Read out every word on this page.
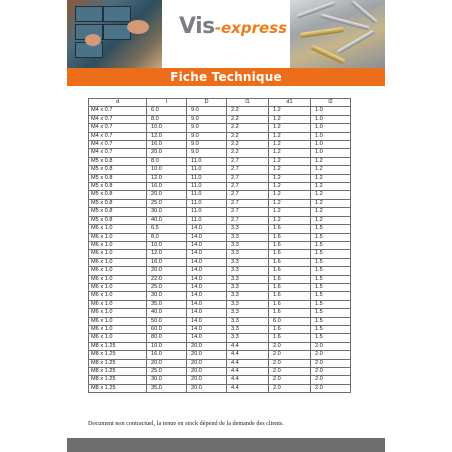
Vis-express
Fiche Technique
d	l	D	l1	d1	l2
M4 x 0.7	6.0	9.0	2.2	1.2	1.0
M4 x 0.7	8.0	9.0	2.2	1.2	1.0
M4 x 0.7	10.0	9.0	2.2	1.2	1.0
M4 x 0.7	12.0	9.0	2.2	1.2	1.0
M4 x 0.7	16.0	9.0	2.2	1.2	1.0
M4 x 0.7	20.0	9.0	2.2	1.2	1.0
M5 x 0.8	8.0	11.0	2.7	1.2	1.2
M5 x 0.8	10.0	11.0	2.7	1.2	1.2
M5 x 0.8	12.0	11.0	2.7	1.2	1.2
M5 x 0.8	16.0	11.0	2.7	1.2	1.2
M5 x 0.8	20.0	11.0	2.7	1.2	1.2
M5 x 0.8	25.0	11.0	2.7	1.2	1.2
M5 x 0.8	30.0	11.0	2.7	1.2	1.2
M5 x 0.8	40.0	11.0	2.7	1.2	1.2
M6 x 1.0	6.5	14.0	3.3	1.6	1.5
M6 x 1.0	8.0	14.0	3.3	1.6	1.5
M6 x 1.0	10.0	14.0	3.3	1.6	1.5
M6 x 1.0	12.0	14.0	3.3	1.6	1.5
M6 x 1.0	16.0	14.0	3.3	1.6	1.5
M6 x 1.0	20.0	14.0	3.3	1.6	1.5
M6 x 1.0	22.0	14.0	3.3	1.6	1.5
M6 x 1.0	25.0	14.0	3.3	1.6	1.5
M6 x 1.0	30.0	14.0	3.3	1.6	1.5
M6 x 1.0	35.0	14.0	3.3	1.6	1.5
M6 x 1.0	40.0	14.0	3.3	1.6	1.5
M6 x 1.0	50.0	14.0	3.3	6.0	1.5
M6 x 1.0	60.0	14.0	3.3	1.6	1.5
M6 x 1.0	80.0	14.0	3.3	1.6	1.5
M8 x 1.25	10.0	20.0	4.4	2.0	2.0
M8 x 1.25	16.0	20.0	4.4	2.0	2.0
M8 x 1.25	20.0	20.0	4.4	2.0	2.0
M8 x 1.25	25.0	20.0	4.4	2.0	2.0
M8 x 1.25	30.0	20.0	4.4	2.0	2.0
M8 x 1.25	35.0	20.0	4.4	2.0	2.0
Document non contractuel, la tenue en stock dépend de la demande des clients.
